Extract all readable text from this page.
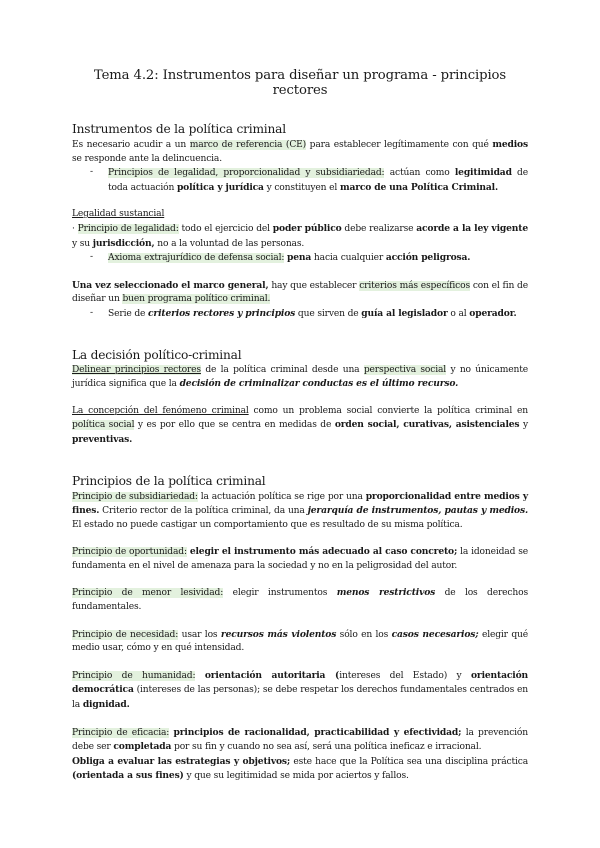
Tema 4.2: Instrumentos para diseñar un programa - principios rectores
Instrumentos de la política criminal

Es necesario acudir a un marco de referencia (CE) para establecer legítimamente con qué medios se responde ante la delincuencia.

- Principios de legalidad, proporcionalidad y subsidiariedad: actúan como legitimidad de toda actuación política y jurídica y constituyen el marco de una Política Criminal.

Legalidad sustancial

· Principio de legalidad: todo el ejercicio del poder público debe realizarse acorde a la ley vigente y su jurisdicción, no a la voluntad de las personas.

- Axioma extrajurídico de defensa social: pena hacia cualquier acción peligrosa.

Una vez seleccionado el marco general, hay que establecer criterios más específicos con el fin de diseñar un buen programa político criminal.

- Serie de criterios rectores y principios que sirven de guía al legislador o al operador.
La decisión político-criminal

Delinear principios rectores de la política criminal desde una perspectiva social y no únicamente jurídica significa que la decisión de criminalizar conductas es el último recurso.

La concepción del fenómeno criminal como un problema social convierte la política criminal en política social y es por ello que se centra en medidas de orden social, curativas, asistenciales y preventivas.

Principios de la política criminal

Principio de subsidiariedad: la actuación política se rige por una proporcionalidad entre medios y fines. Criterio rector de la política criminal, da una jerarquía de instrumentos, pautas y medios. El estado no puede castigar un comportamiento que es resultado de su misma política.

Principio de oportunidad: elegir el instrumento más adecuado al caso concreto; la idoneidad se fundamenta en el nivel de amenaza para la sociedad y no en la peligrosidad del autor.

Principio de menor lesividad: elegir instrumentos menos restrictivos de los derechos fundamentales.

Principio de necesidad: usar los recursos más violentos sólo en los casos necesarios; elegir qué medio usar, cómo y en qué intensidad.

Principio de humanidad: orientación autoritaria (intereses del Estado) y orientación democrática (intereses de las personas); se debe respetar los derechos fundamentales centrados en la dignidad.

Principio de eficacia: principios de racionalidad, practicabilidad y efectividad; la prevención debe ser completada por su fin y cuando no sea así, será una política ineficaz e irracional.

Obliga a evaluar las estrategias y objetivos; este hace que la Política sea una disciplina práctica (orientada a sus fines) y que su legitimidad se mida por aciertos y fallos.
